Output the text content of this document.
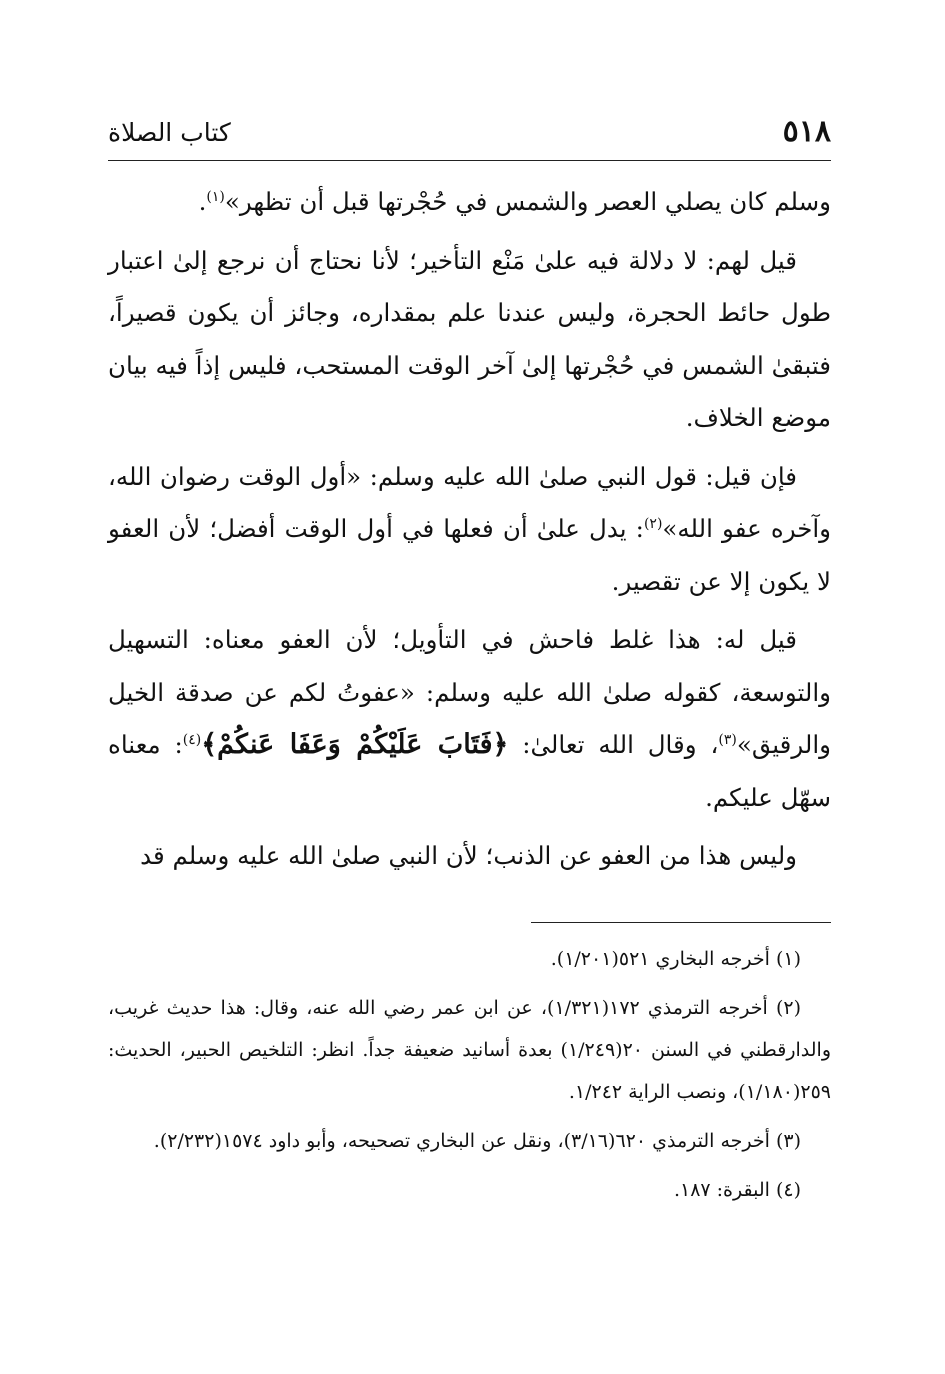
٥١٨
كتاب الصلاة

وسلم كان يصلي العصر والشمس في حُجْرتها قبل أن تظهر»$^{(١)}$.

قيل لهم: لا دلالة فيه علىٰ مَنْع التأخير؛ لأنا نحتاج أن نرجع إلىٰ اعتبار طول حائط الحجرة، وليس عندنا علم بمقداره، وجائز أن يكون قصيراً، فتبقىٰ الشمس في حُجْرتها إلىٰ آخر الوقت المستحب، فليس إذاً فيه بيان موضع الخلاف.

فإن قيل: قول النبي صلىٰ الله عليه وسلم: «أول الوقت رضوان الله، وآخره عفو الله»$^{(٢)}$: يدل علىٰ أن فعلها في أول الوقت أفضل؛ لأن العفو لا يكون إلا عن تقصير.

قيل له: هذا غلط فاحش في التأويل؛ لأن العفو معناه: التسهيل والتوسعة، كقوله صلىٰ الله عليه وسلم: «عفوتُ لكم عن صدقة الخيل والرقيق»$^{(٣)}$، وقال الله تعالىٰ: ﴿فَتَابَ عَلَيْكُمْ وَعَفَا عَنكُمْ﴾$^{(٤)}$: معناه سهّل عليكم.

وليس هذا من العفو عن الذنب؛ لأن النبي صلىٰ الله عليه وسلم قد

(١) أخرجه البخاري ٥٢١(١/٢٠١).

(٢) أخرجه الترمذي ١٧٢(١/٣٢١)، عن ابن عمر رضي الله عنه، وقال: هذا حديث غريب، والدارقطني في السنن ٢٠(١/٢٤٩) بعدة أسانيد ضعيفة جداً. انظر: التلخيص الحبير، الحديث: ٢٥٩(١/١٨٠)، ونصب الراية ١/٢٤٢.

(٣) أخرجه الترمذي ٦٢٠(٣/١٦)، ونقل عن البخاري تصحيحه، وأبو داود ١٥٧٤(٢/٢٣٢).

(٤) البقرة: ١٨٧.
